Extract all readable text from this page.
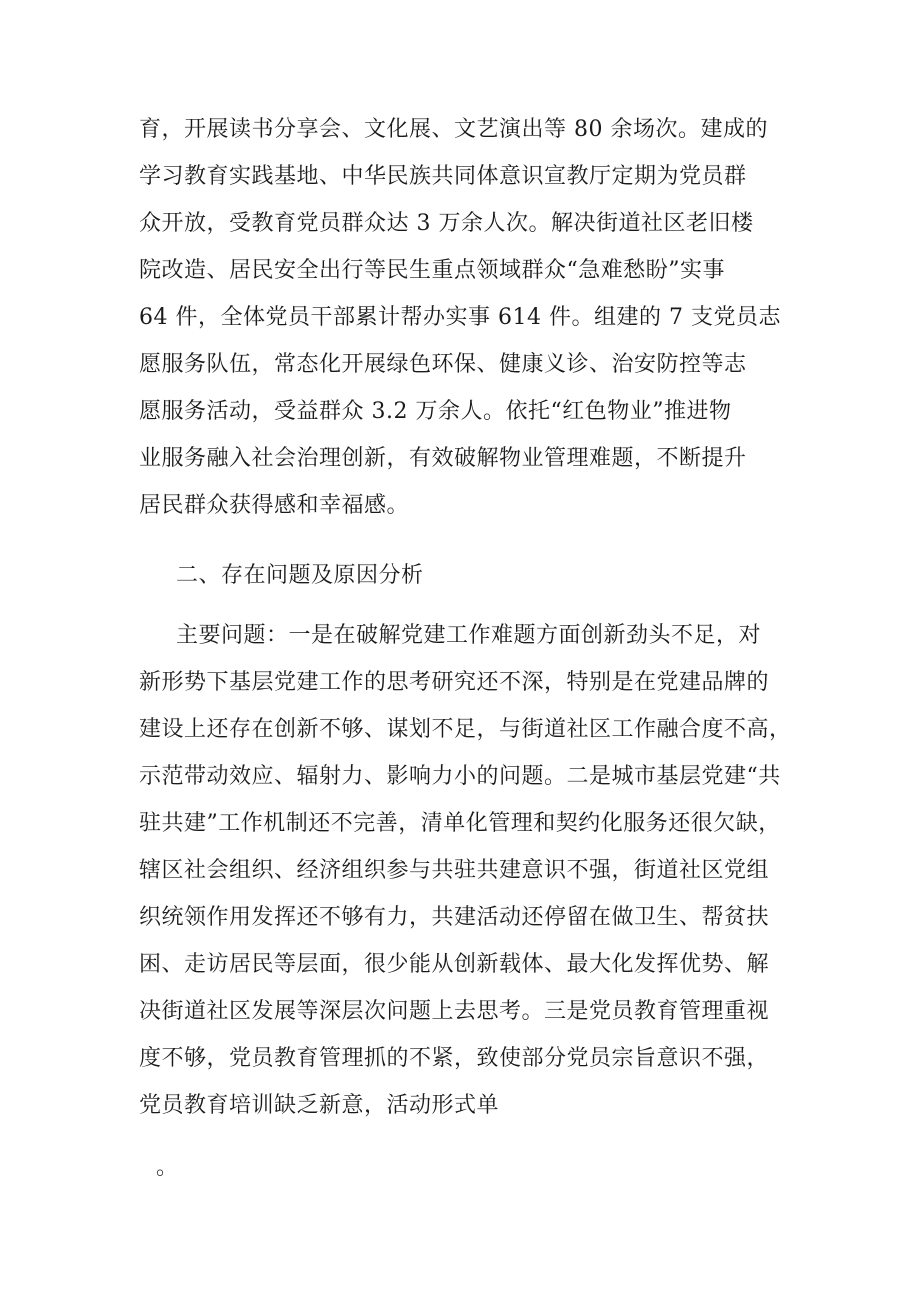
育，开展读书分享会、文化展、文艺演出等 80 余场次。建成的
学习教育实践基地、中华民族共同体意识宣教厅定期为党员群
众开放，受教育党员群众达 3 万余人次。解决街道社区老旧楼
院改造、居民安全出行等民生重点领域群众“急难愁盼”实事
64 件，全体党员干部累计帮办实事 614 件。组建的 7 支党员志
愿服务队伍，常态化开展绿色环保、健康义诊、治安防控等志
愿服务活动，受益群众 3.2 万余人。依托“红色物业”推进物
业服务融入社会治理创新，有效破解物业管理难题，不断提升
居民群众获得感和幸福感。
二、存在问题及原因分析
主要问题：一是在破解党建工作难题方面创新劲头不足，对
新形势下基层党建工作的思考研究还不深，特别是在党建品牌的
建设上还存在创新不够、谋划不足，与街道社区工作融合度不高，
示范带动效应、辐射力、影响力小的问题。二是城市基层党建“共
驻共建”工作机制还不完善，清单化管理和契约化服务还很欠缺，
辖区社会组织、经济组织参与共驻共建意识不强，街道社区党组
织统领作用发挥还不够有力，共建活动还停留在做卫生、帮贫扶
困、走访居民等层面，很少能从创新载体、最大化发挥优势、解
决街道社区发展等深层次问题上去思考。三是党员教育管理重视
度不够，党员教育管理抓的不紧，致使部分党员宗旨意识不强，
党员教育培训缺乏新意，活动形式单
。
